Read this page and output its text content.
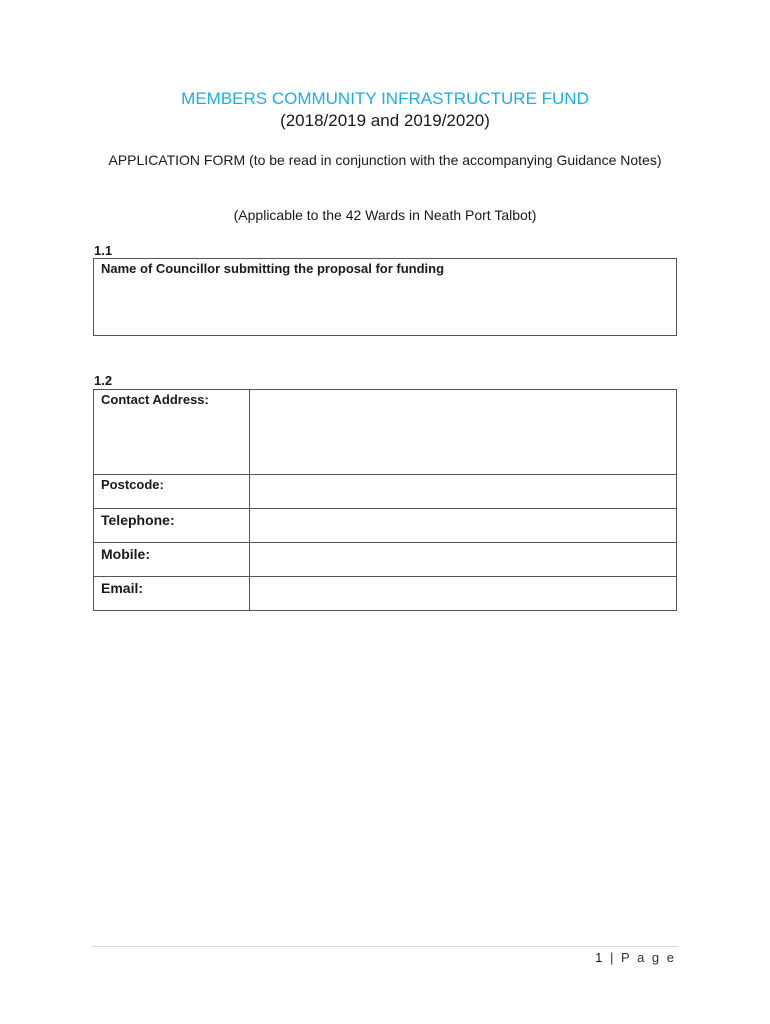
MEMBERS COMMUNITY INFRASTRUCTURE FUND
(2018/2019 and 2019/2020)
APPLICATION FORM (to be read in conjunction with the accompanying Guidance Notes)
(Applicable to the 42 Wards in Neath Port Talbot)
1.1
Name of Councillor submitting the proposal for funding
1.2
Contact Address:	
Postcode:	
Telephone:	
Mobile:	
Email:	
1 | P a g e
